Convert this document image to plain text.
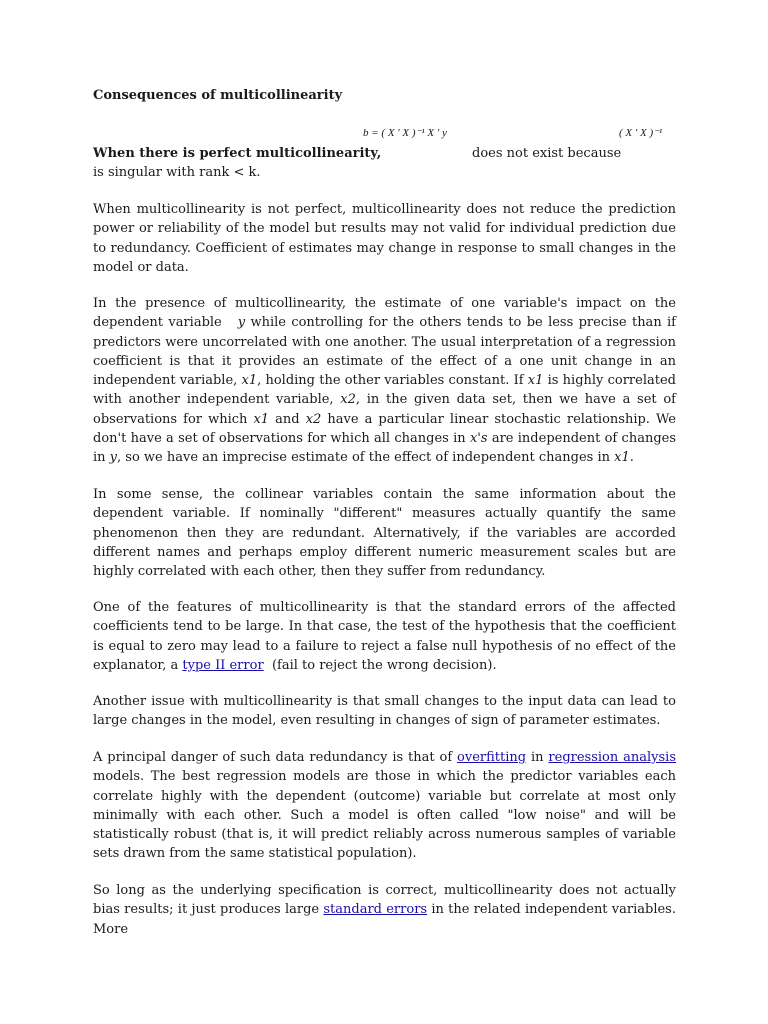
Consequences of multicollinearity
b = ( X ' X )⁻¹ X ' y	( X ' X )⁻¹
When there is perfect multicollinearity,	does not exist because
is singular with rank < k.

When multicollinearity is not perfect, multicollinearity does not reduce the prediction power or reliability of the model but results may not valid for individual prediction due to redundancy. Coefficient of estimates may change in response to small changes in the model or data.

In the presence of multicollinearity, the estimate of one variable's impact on the dependent variable y while controlling for the others tends to be less precise than if predictors were uncorrelated with one another. The usual interpretation of a regression coefficient is that it provides an estimate of the effect of a one unit change in an independent variable, x1, holding the other variables constant. If x1 is highly correlated with another independent variable, x2, in the given data set, then we have a set of observations for which x1 and x2 have a particular linear stochastic relationship. We don't have a set of observations for which all changes in x's are independent of changes in y, so we have an imprecise estimate of the effect of independent changes in x1.

In some sense, the collinear variables contain the same information about the dependent variable. If nominally "different" measures actually quantify the same phenomenon then they are redundant. Alternatively, if the variables are accorded different names and perhaps employ different numeric measurement scales but are highly correlated with each other, then they suffer from redundancy.

One of the features of multicollinearity is that the standard errors of the affected coefficients tend to be large. In that case, the test of the hypothesis that the coefficient is equal to zero may lead to a failure to reject a false null hypothesis of no effect of the explanator, a type II error (fail to reject the wrong decision).

Another issue with multicollinearity is that small changes to the input data can lead to large changes in the model, even resulting in changes of sign of parameter estimates.

A principal danger of such data redundancy is that of overfitting in regression analysis models. The best regression models are those in which the predictor variables each correlate highly with the dependent (outcome) variable but correlate at most only minimally with each other. Such a model is often called "low noise" and will be statistically robust (that is, it will predict reliably across numerous samples of variable sets drawn from the same statistical population).

So long as the underlying specification is correct, multicollinearity does not actually bias results; it just produces large standard errors in the related independent variables. More
